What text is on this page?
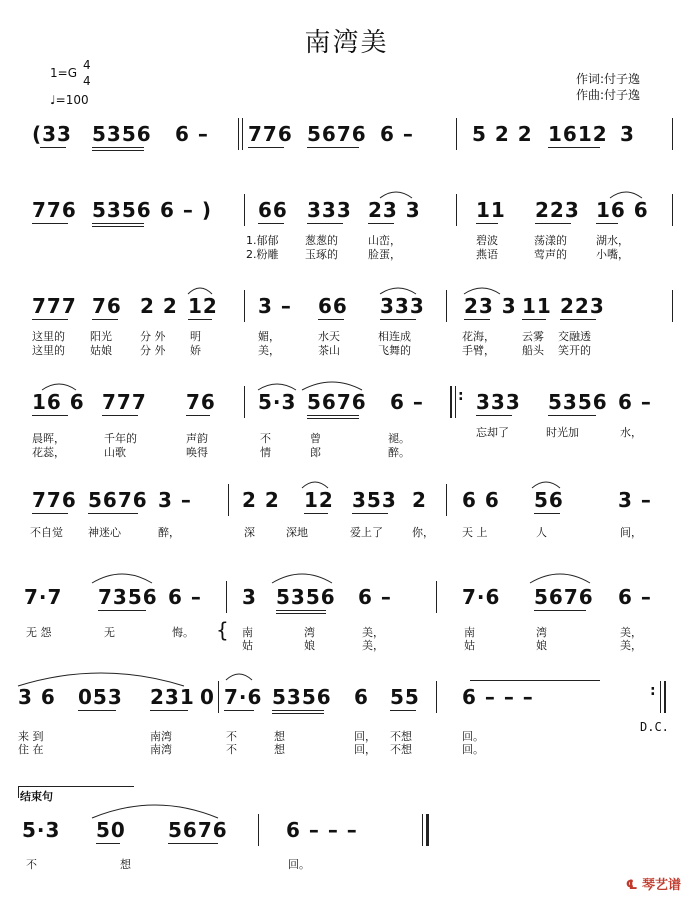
南湾美
1=G
4
4
♩=100
作词:付子逸
作曲:付子逸
(33 5356 6 – 776 5676 6 –	5 2 2 1612 3
776 5356 6 – ) 66 333 23 3	11 223 16 6
1.郁郁 葱葱的	山峦，	碧波	荡漾的	湖水，
2.粉雕 玉琢的	脸蛋，	燕语	莺声的	小嘴，
777 76 2 2 12 3 – 66 333 23 3 11 223
这里的 阳光	分 外 明	媚，	水天	相连成	花海， 云雾 交融透
这里的 姑娘	分 外 娇	美，	茶山	飞舞的	手臂， 船头 笑开的
16 6 777 76 5·3 5676 6 – : 333 5356 6 –
晨晖，	千年的	声韵	不	曾	褪。	忘却了	时光加	水，
花蕊，	山歌	唤得	情	郎	醉。
776 5676 3 –	2 2 12 353 2 6 6 56	3 –
不自觉 神迷心	醉，	深	深地	爱上了	你，	天 上	人	间，
7·7 7356 6 – 3 5356 6 –	7·6 5676 6 –
无 怨	无	悔。 { 南	湾	美，	南	湾	美，
姑	娘	美，	姑	娘	美，
3 6 053 231 0 7·6 5356 6 55 6 – – –	:
来 到	南湾	不	想	回， 不想	回。
住 在	南湾	不	想	回， 不想	回。
D.C.
结束句
5·3 50 5676	6 – – –
不	想	回。
℄ 琴艺谱
